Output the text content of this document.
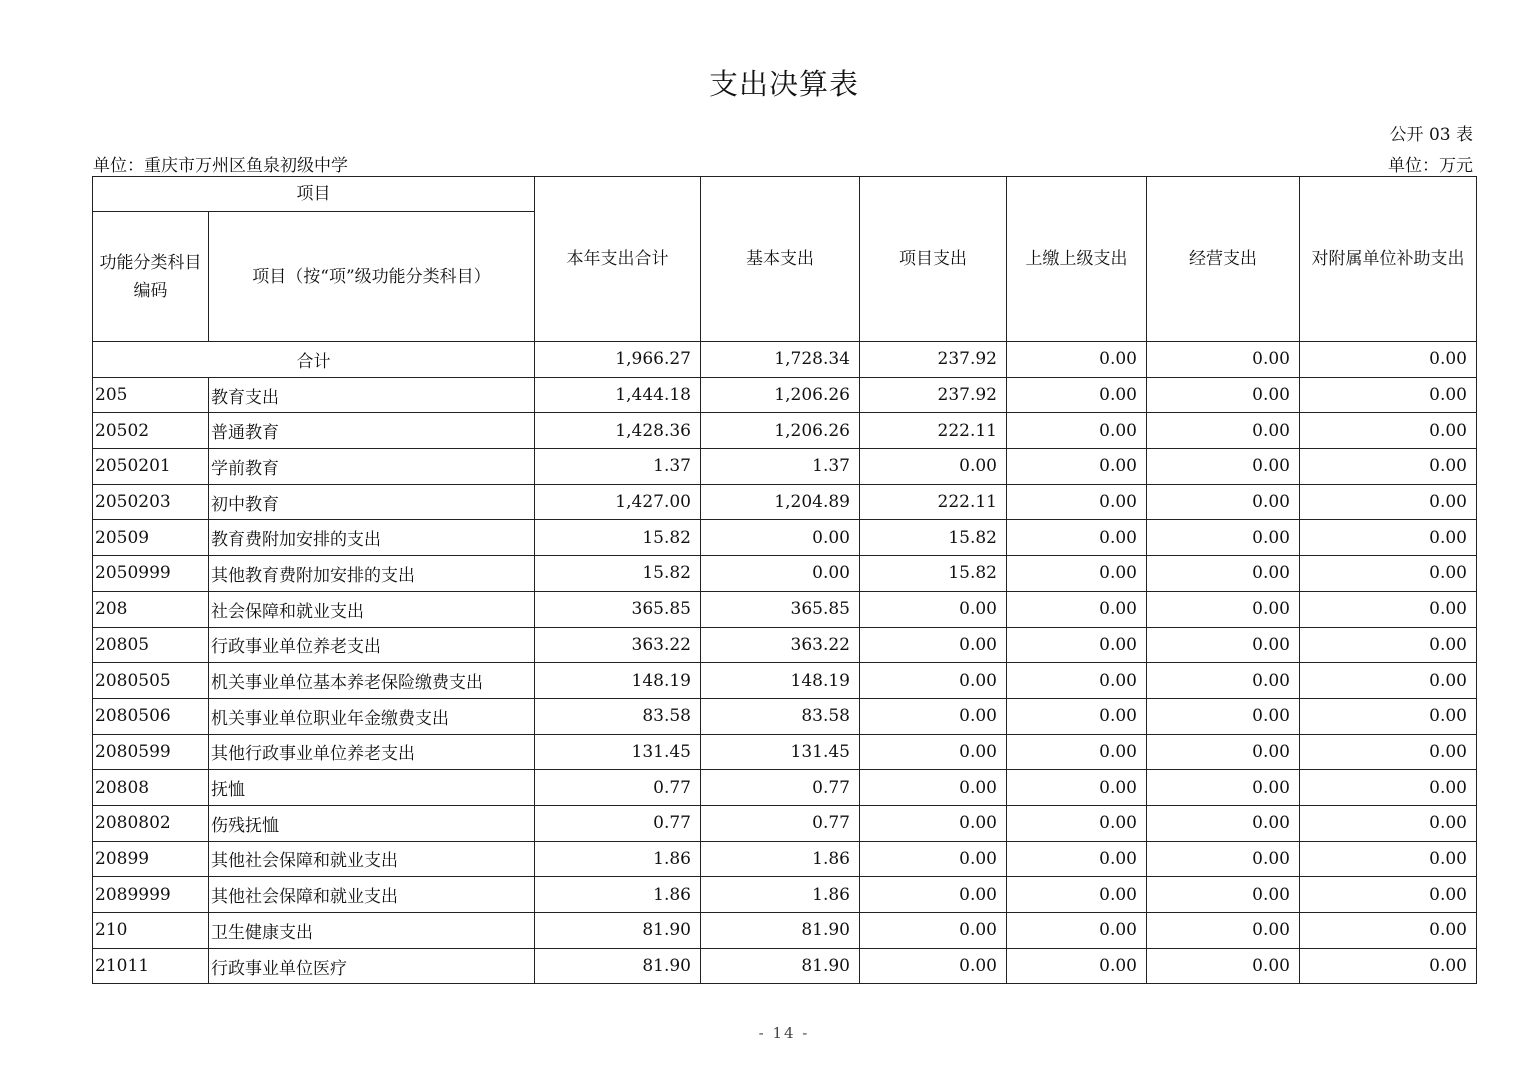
支出决算表
公开 03 表
单位：重庆市万州区鱼泉初级中学	单位：万元
项目		本年支出合计	基本支出	项目支出	上缴上级支出	经营支出	对附属单位补助支出
功能分类科目编码	项目（按“项”级功能分类科目）						
合计		1,966.27	1,728.34	237.92	0.00	0.00	0.00
205	教育支出	1,444.18	1,206.26	237.92	0.00	0.00	0.00
20502	普通教育	1,428.36	1,206.26	222.11	0.00	0.00	0.00
2050201	学前教育	1.37	1.37	0.00	0.00	0.00	0.00
2050203	初中教育	1,427.00	1,204.89	222.11	0.00	0.00	0.00
20509	教育费附加安排的支出	15.82	0.00	15.82	0.00	0.00	0.00
2050999	其他教育费附加安排的支出	15.82	0.00	15.82	0.00	0.00	0.00
208	社会保障和就业支出	365.85	365.85	0.00	0.00	0.00	0.00
20805	行政事业单位养老支出	363.22	363.22	0.00	0.00	0.00	0.00
2080505	机关事业单位基本养老保险缴费支出	148.19	148.19	0.00	0.00	0.00	0.00
2080506	机关事业单位职业年金缴费支出	83.58	83.58	0.00	0.00	0.00	0.00
2080599	其他行政事业单位养老支出	131.45	131.45	0.00	0.00	0.00	0.00
20808	抚恤	0.77	0.77	0.00	0.00	0.00	0.00
2080802	伤残抚恤	0.77	0.77	0.00	0.00	0.00	0.00
20899	其他社会保障和就业支出	1.86	1.86	0.00	0.00	0.00	0.00
2089999	其他社会保障和就业支出	1.86	1.86	0.00	0.00	0.00	0.00
210	卫生健康支出	81.90	81.90	0.00	0.00	0.00	0.00
21011	行政事业单位医疗	81.90	81.90	0.00	0.00	0.00	0.00
- 14 -
